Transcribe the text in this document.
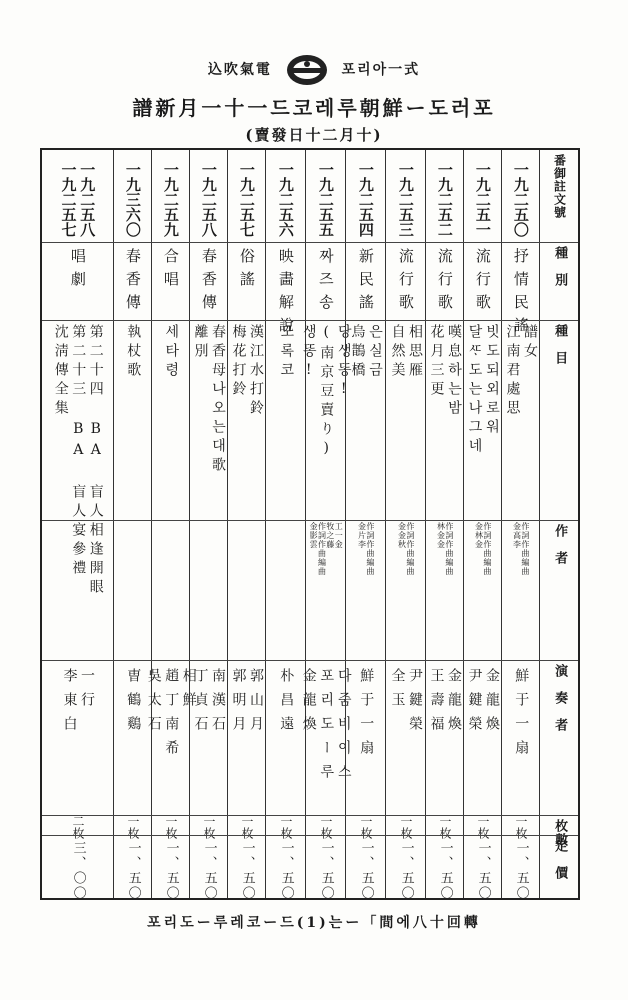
込吹氣電	포리아一式
譜新月一十一드코레루朝鮮ー도러포
(賣發日十二月十)
一九二五七 一九二五八
唱劇
沈淸傳全集 第二十三 BA 盲人宴參禮 第二十四 BA 盲人相逢開眼
李東白 一行
二枚
三、〇〇
一九三六〇
春香傳
執杖歌
曺鶴鷄
一枚
一、五〇
一九二五九
合唱
세타령
吳太石 趙丁南希 相鮮
一枚
一、五〇
一九二五八
春香傳
離別 春香母나오는대歌
丁貞石 南漢石
一枚
一、五〇
一九二五七
俗謠
梅花打鈴 漢江水打鈴
郭明月 郭山月
一枚
一、五〇
一九二五六
映畵解說
모록코
朴昌遠
一枚
一、五〇
一九二五五
짜즈송
생똥! (南京豆賣り) 당생똥!
金影雲 作詞作曲編曲 牧之藤 工一金
金龍煥 포리도ー루 다줌비이스
一枚
一、五〇
一九二五四
新民謠
烏鵲橋 은실금
金片李 作詞作曲編曲
鮮于一扇
一枚
一、五〇
一九二五三
流行歌
自然美 相思雁
金金秋 作詞作曲編曲
全玉 尹鍵榮
一枚
一、五〇
一九二五二
流行歌
花月三更 嘆息하는밤
林金金 作詞作曲編曲
王壽福 金龍煥
一枚
一、五〇
一九二五一
流行歌
달ᄯᆞ도는나그네 빗도되외로워
金林金 作詞作曲編曲
尹鍵榮 金龍煥
一枚
一、五〇
一九二五〇
抒情民謠
江南君處思 譜女
金高李 作詞作曲編曲
鮮于一扇
一枚
一、五〇
番御註文號
種別
種目
作者
演奏者
枚數
定價
포리도ー루레코ー드(1)는ー「間에八十回轉
